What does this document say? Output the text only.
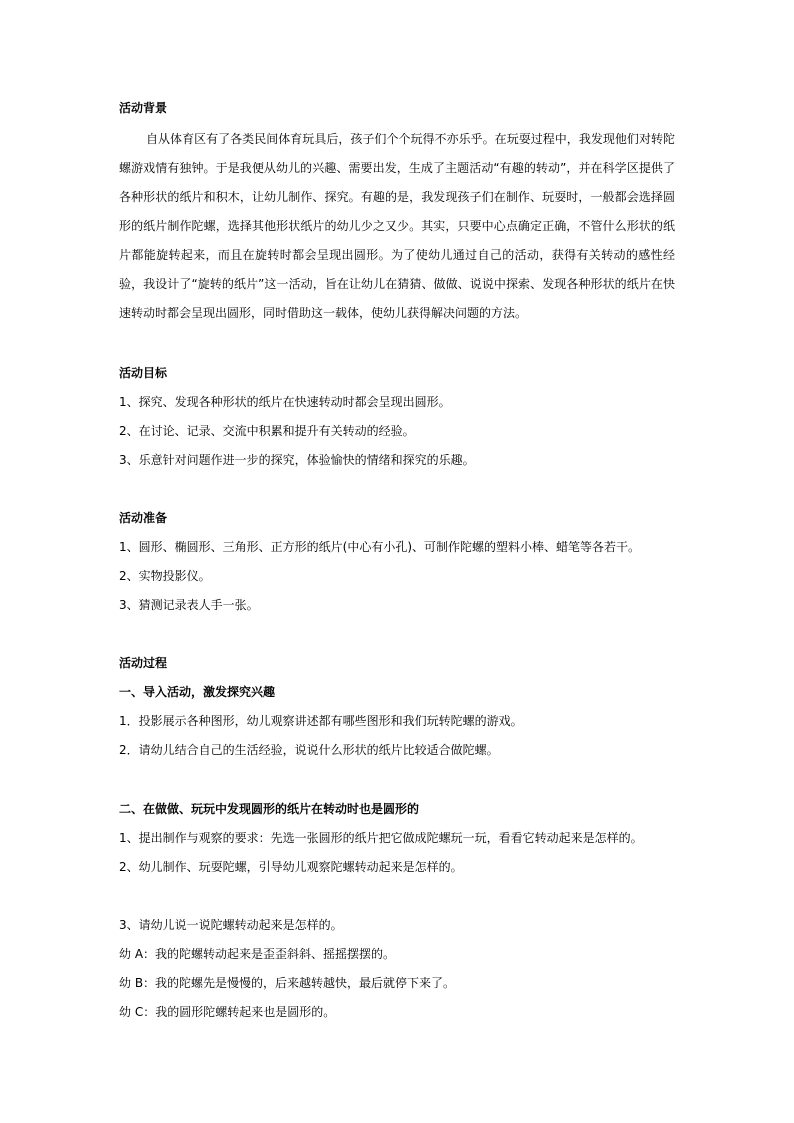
活动背景

自从体育区有了各类民间体育玩具后，孩子们个个玩得不亦乐乎。在玩耍过程中，我发现他们对转陀螺游戏情有独钟。于是我便从幼儿的兴趣、需要出发，生成了主题活动“有趣的转动”，并在科学区提供了各种形状的纸片和积木，让幼儿制作、探究。有趣的是，我发现孩子们在制作、玩耍时，一般都会选择圆形的纸片制作陀螺，选择其他形状纸片的幼儿少之又少。其实，只要中心点确定正确，不管什么形状的纸片都能旋转起来，而且在旋转时都会呈现出圆形。为了使幼儿通过自己的活动，获得有关转动的感性经验，我设计了“旋转的纸片”这一活动，旨在让幼儿在猜猜、做做、说说中探索、发现各种形状的纸片在快速转动时都会呈现出圆形，同时借助这一载体，使幼儿获得解决问题的方法。

活动目标
1、探究、发现各种形状的纸片在快速转动时都会呈现出圆形。
2、在讨论、记录、交流中积累和提升有关转动的经验。
3、乐意针对问题作进一步的探究，体验愉快的情绪和探究的乐趣。
活动准备
1、圆形、椭圆形、三角形、正方形的纸片(中心有小孔)、可制作陀螺的塑料小棒、蜡笔等各若干。
2、实物投影仪。
3、猜测记录表人手一张。
活动过程
一、导入活动，激发探究兴趣
1．投影展示各种图形，幼儿观察讲述都有哪些图形和我们玩转陀螺的游戏。
2．请幼儿结合自己的生活经验，说说什么形状的纸片比较适合做陀螺。
二、在做做、玩玩中发现圆形的纸片在转动时也是圆形的
1、提出制作与观察的要求：先选一张圆形的纸片把它做成陀螺玩一玩，看看它转动起来是怎样的。
2、幼儿制作、玩耍陀螺，引导幼儿观察陀螺转动起来是怎样的。
3、请幼儿说一说陀螺转动起来是怎样的。
幼 A：我的陀螺转动起来是歪歪斜斜、摇摇摆摆的。
幼 B：我的陀螺先是慢慢的，后来越转越快，最后就停下来了。
幼 C：我的圆形陀螺转起来也是圆形的。
